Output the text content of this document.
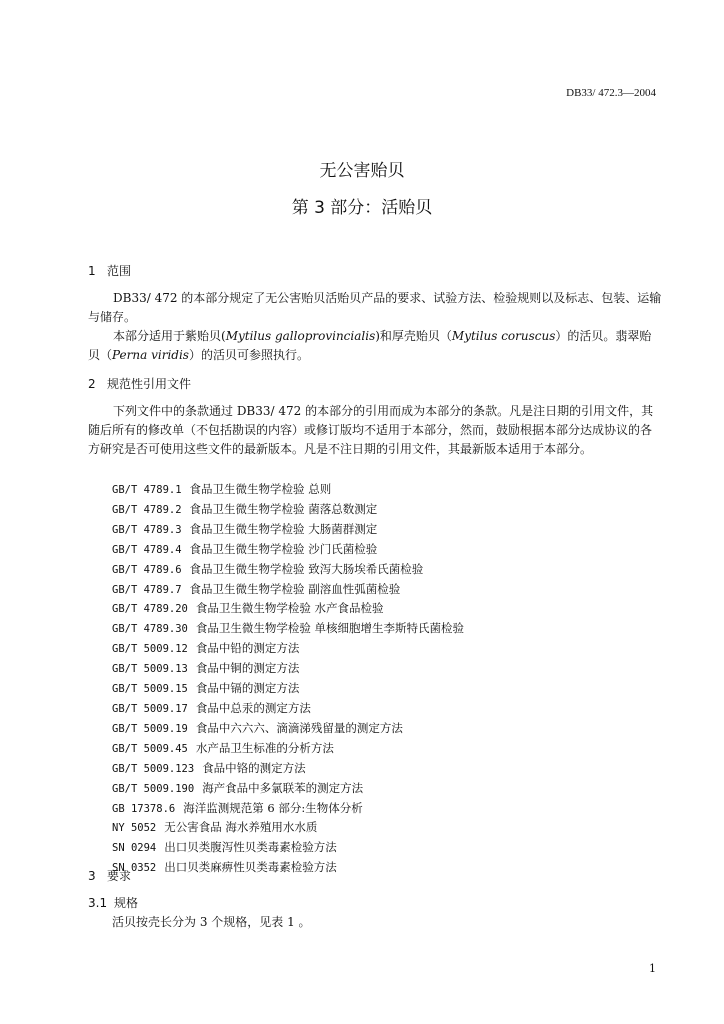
DB33/ 472.3—2004
无公害贻贝
第 3 部分：活贻贝
1 范围

DB33/ 472 的本部分规定了无公害贻贝活贻贝产品的要求、试验方法、检验规则以及标志、包装、运输与储存。

本部分适用于紫贻贝(Mytilus galloprovincialis)和厚壳贻贝（Mytilus coruscus）的活贝。翡翠贻贝（Perna viridis）的活贝可参照执行。

2 规范性引用文件

下列文件中的条款通过 DB33/ 472 的本部分的引用而成为本部分的条款。凡是注日期的引用文件，其随后所有的修改单（不包括勘误的内容）或修订版均不适用于本部分，然而，鼓励根据本部分达成协议的各方研究是否可使用这些文件的最新版本。凡是不注日期的引用文件，其最新版本适用于本部分。

GB/T 4789.1 食品卫生微生物学检验 总则
GB/T 4789.2 食品卫生微生物学检验 菌落总数测定
GB/T 4789.3 食品卫生微生物学检验 大肠菌群测定
GB/T 4789.4 食品卫生微生物学检验 沙门氏菌检验
GB/T 4789.6 食品卫生微生物学检验 致泻大肠埃希氏菌检验
GB/T 4789.7 食品卫生微生物学检验 副溶血性弧菌检验
GB/T 4789.20 食品卫生微生物学检验 水产食品检验
GB/T 4789.30 食品卫生微生物学检验 单核细胞增生李斯特氏菌检验
GB/T 5009.12 食品中铅的测定方法
GB/T 5009.13 食品中铜的测定方法
GB/T 5009.15 食品中镉的测定方法
GB/T 5009.17 食品中总汞的测定方法
GB/T 5009.19 食品中六六六、滴滴涕残留量的测定方法
GB/T 5009.45 水产品卫生标准的分析方法
GB/T 5009.123 食品中铬的测定方法
GB/T 5009.190 海产食品中多氯联苯的测定方法
GB 17378.6 海洋监测规范第 6 部分:生物体分析
NY 5052 无公害食品 海水养殖用水水质
SN 0294 出口贝类腹泻性贝类毒素检验方法
SN 0352 出口贝类麻痹性贝类毒素检验方法
3 要求
3.1 规格
活贝按壳长分为 3 个规格，见表 1 。
1
